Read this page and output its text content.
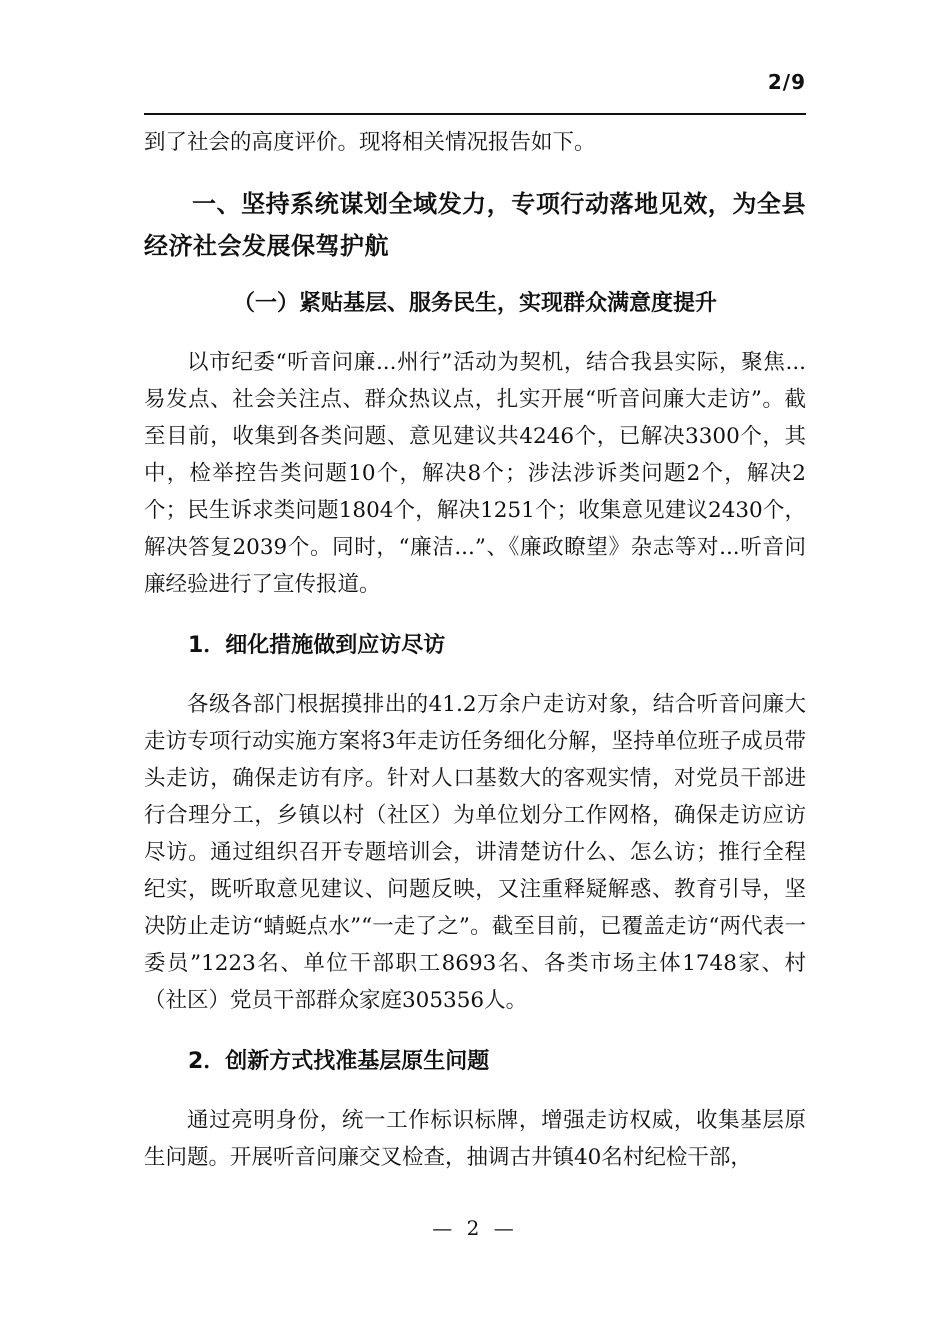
2/9

到了社会的高度评价。现将相关情况报告如下。

一、坚持系统谋划全域发力，专项行动落地见效，为全县经济社会发展保驾护航

（一）紧贴基层、服务民生，实现群众满意度提升

以市纪委“听音问廉...州行”活动为契机，结合我县实际，聚焦...易发点、社会关注点、群众热议点，扎实开展“听音问廉大走访”。截至目前，收集到各类问题、意见建议共4246个，已解决3300个，其中，检举控告类问题10个，解决8个；涉法涉诉类问题2个，解决2个；民生诉求类问题1804个，解决1251个；收集意见建议2430个，解决答复2039个。同时，“廉洁...”、《廉政瞭望》杂志等对...听音问廉经验进行了宣传报道。

1．细化措施做到应访尽访

各级各部门根据摸排出的41.2万余户走访对象，结合听音问廉大走访专项行动实施方案将3年走访任务细化分解，坚持单位班子成员带头走访，确保走访有序。针对人口基数大的客观实情，对党员干部进行合理分工，乡镇以村（社区）为单位划分工作网格，确保走访应访尽访。通过组织召开专题培训会，讲清楚访什么、怎么访；推行全程纪实，既听取意见建议、问题反映，又注重释疑解惑、教育引导，坚决防止走访“蜻蜓点水”“一走了之”。截至目前，已覆盖走访“两代表一委员”1223名、单位干部职工8693名、各类市场主体1748家、村（社区）党员干部群众家庭305356人。

2．创新方式找准基层原生问题

通过亮明身份，统一工作标识标牌，增强走访权威，收集基层原生问题。开展听音问廉交叉检查，抽调古井镇40名村纪检干部，

— 2 —
